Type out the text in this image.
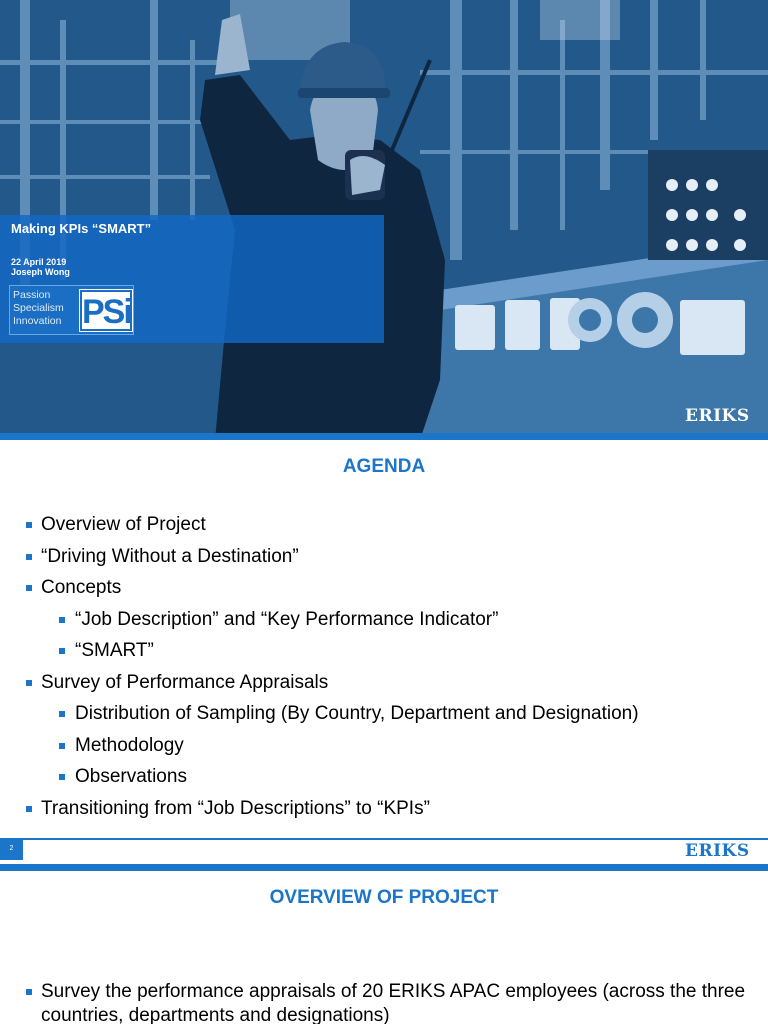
Making KPIs “SMART”
22 April 2019
Joseph Wong
Passion
Specialism
Innovation PSi
ERIKS
AGENDA
Overview of Project
“Driving Without a Destination”
Concepts
“Job Description” and “Key Performance Indicator”
“SMART”
Survey of Performance Appraisals
Distribution of Sampling (By Country, Department and Designation)
Methodology
Observations
Transitioning from “Job Descriptions” to “KPIs”
2	ERIKS
OVERVIEW OF PROJECT
Survey the performance appraisals of 20 ERIKS APAC employees (across the three countries, departments and designations)
